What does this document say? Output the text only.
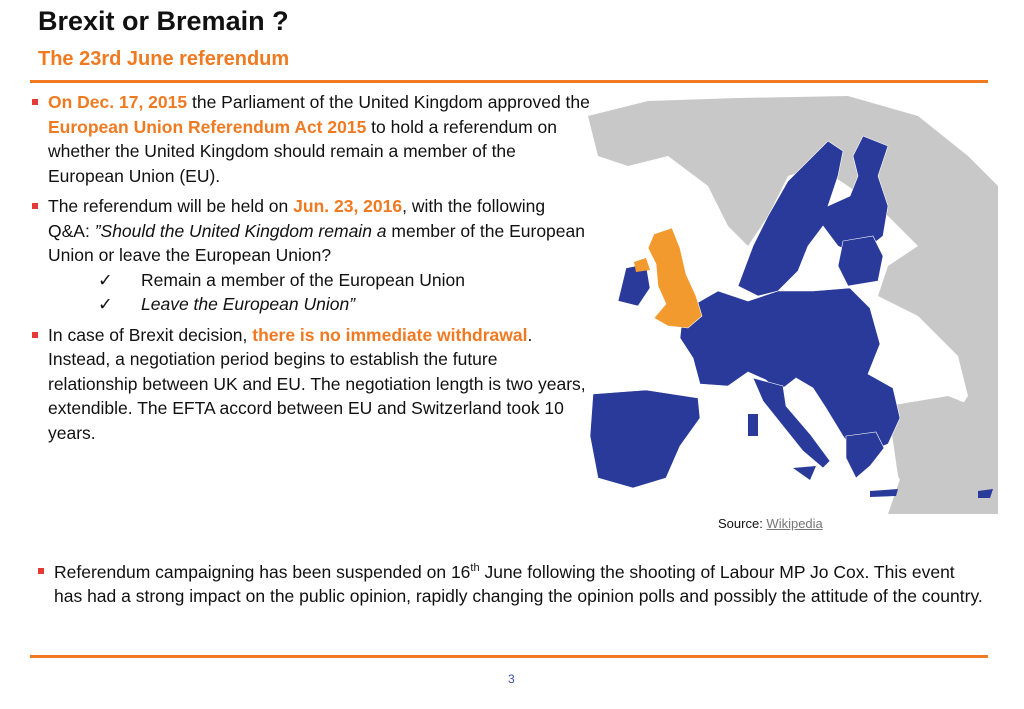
Brexit or Bremain ?
The 23rd June referendum
On Dec. 17, 2015 the Parliament of the United Kingdom approved the European Union Referendum Act 2015 to hold a referendum on whether the United Kingdom should remain a member of the European Union (EU).
The referendum will be held on Jun. 23, 2016, with the following Q&A: ”Should the United Kingdom remain a member of the European Union or leave the European Union?
✓ Remain a member of the European Union
✓ Leave the European Union”
In case of Brexit decision, there is no immediate withdrawal. Instead, a negotiation period begins to establish the future relationship between UK and EU. The negotiation length is two years, extendible. The EFTA accord between EU and Switzerland took 10 years.
Source: Wikipedia
Referendum campaigning has been suspended on 16th June following the shooting of Labour MP Jo Cox. This event has had a strong impact on the public opinion, rapidly changing the opinion polls and possibly the attitude of the country.
3
